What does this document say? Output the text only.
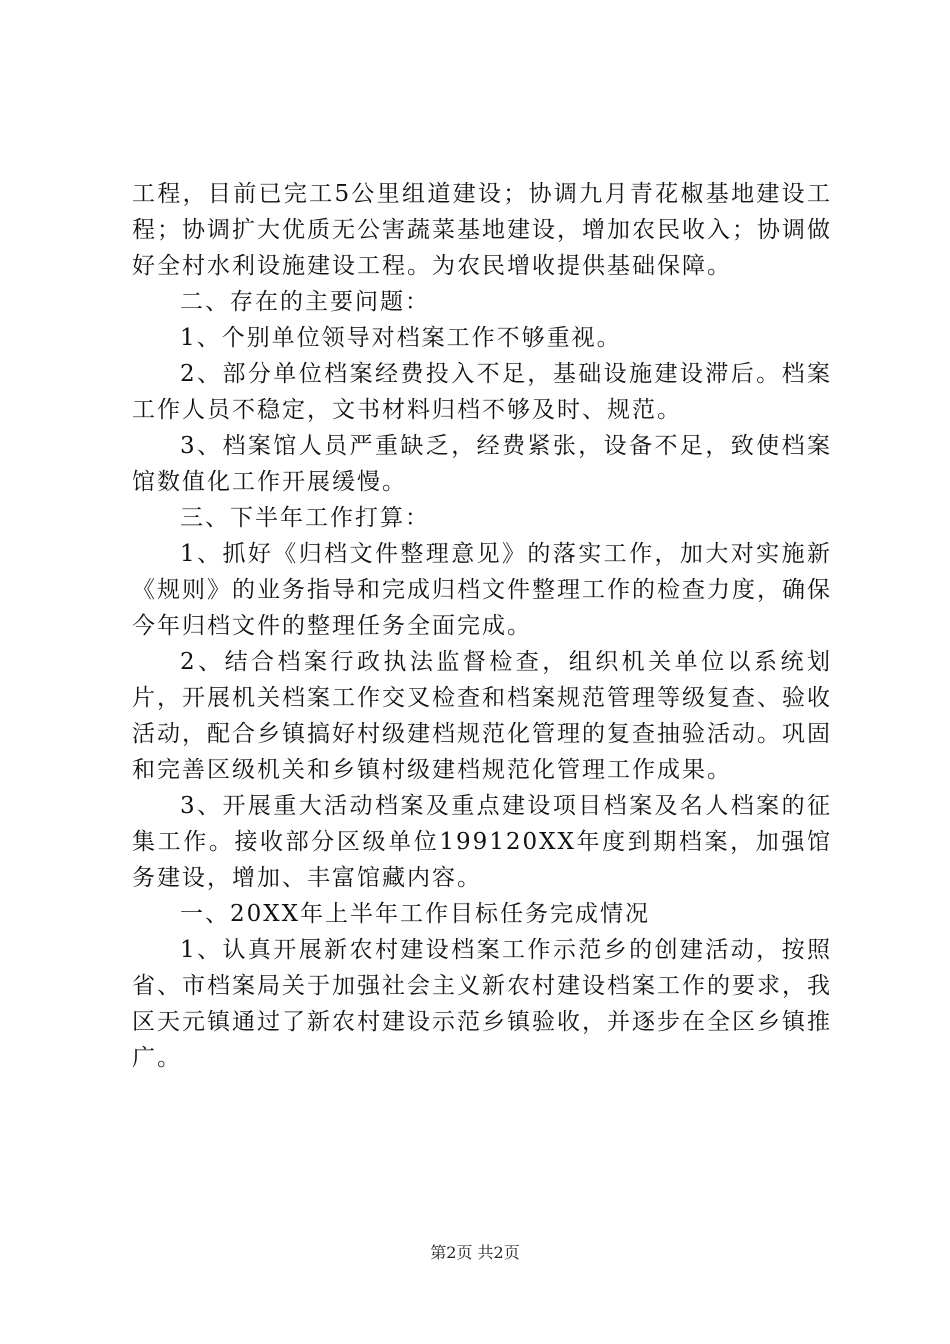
工程，目前已完工5公里组道建设；协调九月青花椒基地建设工程；协调扩大优质无公害蔬菜基地建设，增加农民收入；协调做好全村水利设施建设工程。为农民增收提供基础保障。

二、存在的主要问题：

1、个别单位领导对档案工作不够重视。

2、部分单位档案经费投入不足，基础设施建设滞后。档案工作人员不稳定，文书材料归档不够及时、规范。

3、档案馆人员严重缺乏，经费紧张，设备不足，致使档案馆数值化工作开展缓慢。

三、下半年工作打算：

1、抓好《归档文件整理意见》的落实工作，加大对实施新《规则》的业务指导和完成归档文件整理工作的检查力度，确保今年归档文件的整理任务全面完成。

2、结合档案行政执法监督检查，组织机关单位以系统划片，开展机关档案工作交叉检查和档案规范管理等级复查、验收活动，配合乡镇搞好村级建档规范化管理的复查抽验活动。巩固和完善区级机关和乡镇村级建档规范化管理工作成果。

3、开展重大活动档案及重点建设项目档案及名人档案的征集工作。接收部分区级单位199120XX年度到期档案，加强馆务建设，增加、丰富馆藏内容。

一、20XX年上半年工作目标任务完成情况

1、认真开展新农村建设档案工作示范乡的创建活动，按照省、市档案局关于加强社会主义新农村建设档案工作的要求，我区天元镇通过了新农村建设示范乡镇验收，并逐步在全区乡镇推广。

第2页 共2页
